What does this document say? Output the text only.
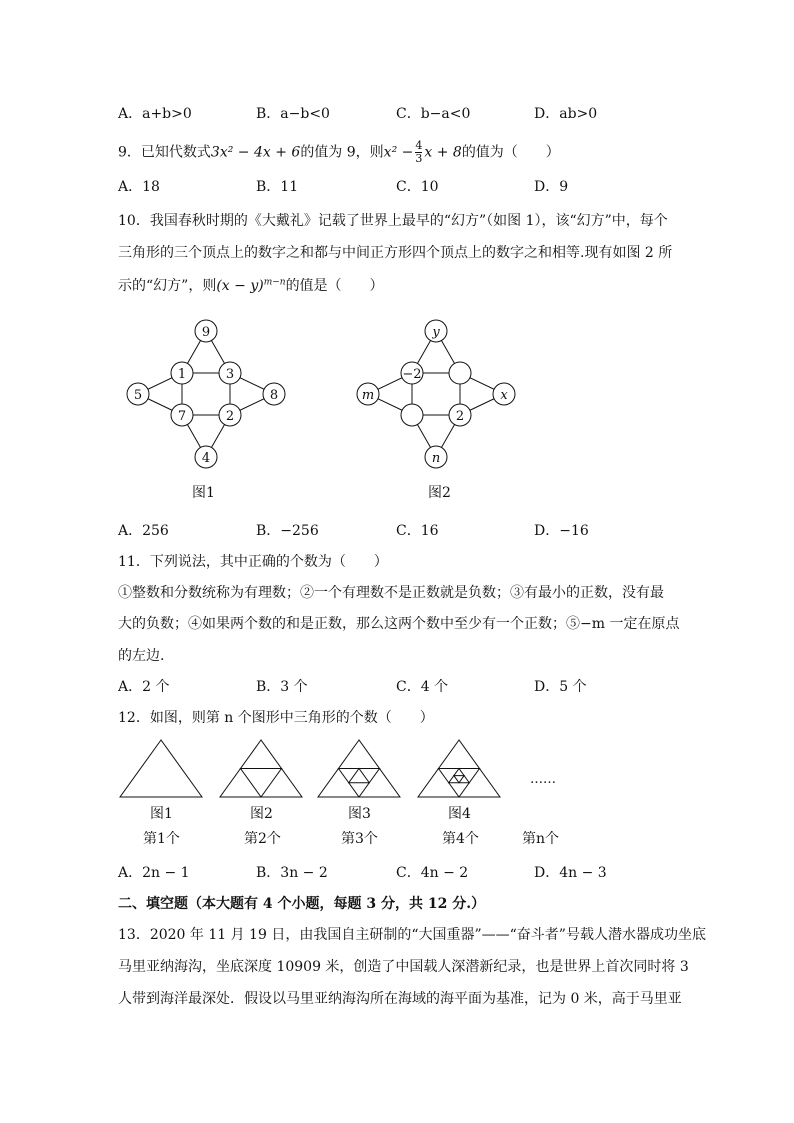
A．a+b>0	B．a−b<0	C．b−a<0	D．ab>0
9．已知代数式3x² − 4x + 6的值为 9，则$x^2 - \frac{4}{3}$ x + 8的值为（　　）
A．18	B．11	C．10	D．9
10．我国春秋时期的《大戴礼》记载了世界上最早的“幻方”（如图 1），该“幻方”中，每个
三角形的三个顶点上的数字之和都与中间正方形四个顶点上的数字之和相等.现有如图 2 所
示的“幻方”，则$(x - y)^{m-n}$的值是（　　）
9
1	3
7	2
5	8
4
图1
y
−2
2
m	x
n
图2
A．256	B．−256	C．16	D．−16
11．下列说法，其中正确的个数为（　　）
①整数和分数统称为有理数；②一个有理数不是正数就是负数；③有最小的正数，没有最
大的负数；④如果两个数的和是正数，那么这两个数中至少有一个正数；⑤−m 一定在原点
的左边.
A．2 个	B．3 个	C．4 个	D．5 个
12．如图，则第 n 个图形中三角形的个数（　　）
……
图1	图2	图3	图4
第1个	第2个	第3个	第4个	第n个
A．2n − 1	B．3n − 2	C．4n − 2	D．4n − 3
二、填空题（本大题有 4 个小题，每题 3 分，共 12 分.）
13．2020 年 11 月 19 日，由我国自主研制的“大国重器”——“奋斗者”号载人潜水器成功坐底
马里亚纳海沟，坐底深度 10909 米，创造了中国载人深潜新纪录，也是世界上首次同时将 3
人带到海洋最深处．假设以马里亚纳海沟所在海域的海平面为基准，记为 0 米，高于马里亚
